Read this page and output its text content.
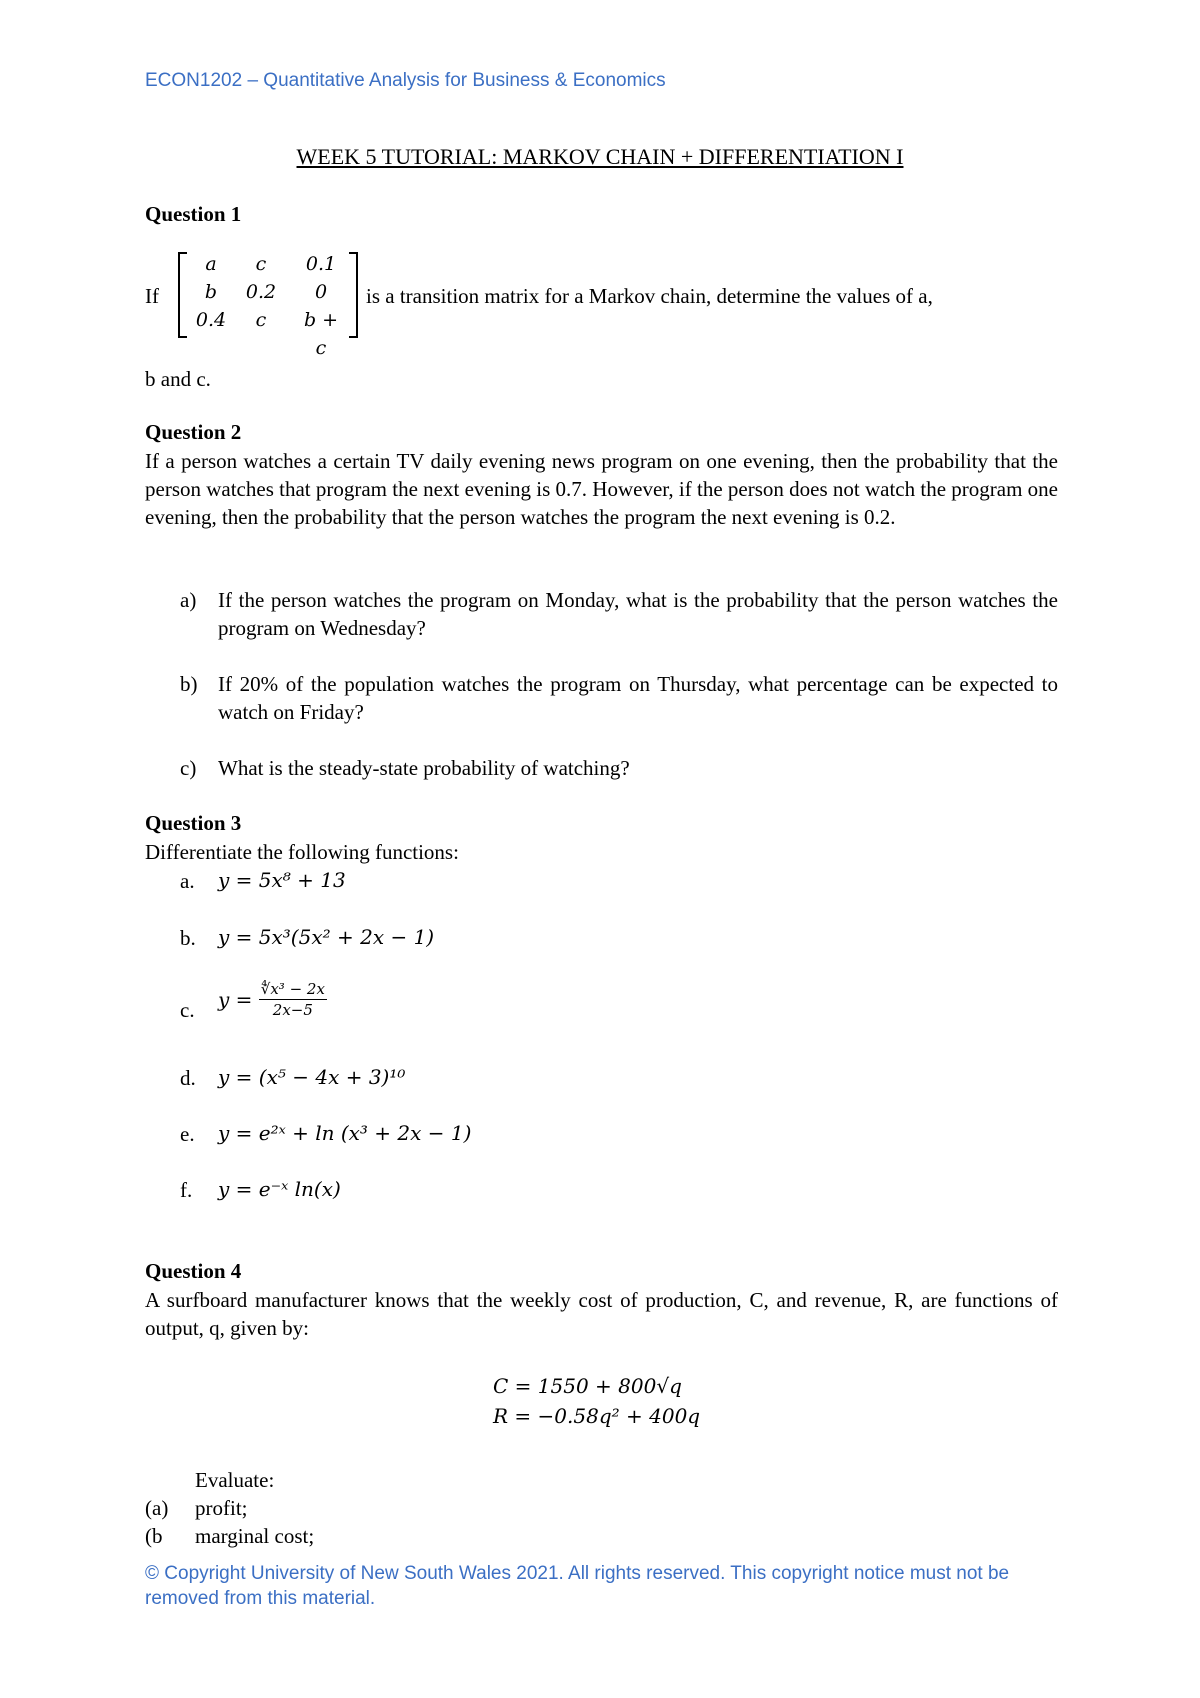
ECON1202 – Quantitative Analysis for Business & Economics
WEEK 5 TUTORIAL: MARKOV CHAIN + DIFFERENTIATION I
Question 1
If
a	c	0.1
b	0.2	0
0.4	c	b + c
is a transition matrix for a Markov chain, determine the values of a,
b and c.
Question 2
If a person watches a certain TV daily evening news program on one evening, then the probability that the person watches that program the next evening is 0.7. However, if the person does not watch the program one evening, then the probability that the person watches the program the next evening is 0.2.
a) If the person watches the program on Monday, what is the probability that the person watches the program on Wednesday?
b) If 20% of the population watches the program on Thursday, what percentage can be expected to watch on Friday?
c) What is the steady-state probability of watching?
Question 3
Differentiate the following functions:
a. y = 5x⁸ + 13
b. y = 5x³(5x² + 2x − 1)
c. $y = \frac{\text{∜x³ − 2x}}{2x-5}$
d. y = (x⁵ − 4x + 3)¹⁰
e. y = e²ˣ + ln (x³ + 2x − 1)
f. y = e⁻ˣ ln(x)
Question 4
A surfboard manufacturer knows that the weekly cost of production, C, and revenue, R, are functions of output, q, given by:
C = 1550 + 800√q
R = −0.58q² + 400q
Evaluate:
(a) profit;
(b marginal cost;
© Copyright University of New South Wales 2021. All rights reserved. This copyright notice must not be removed from this material.
